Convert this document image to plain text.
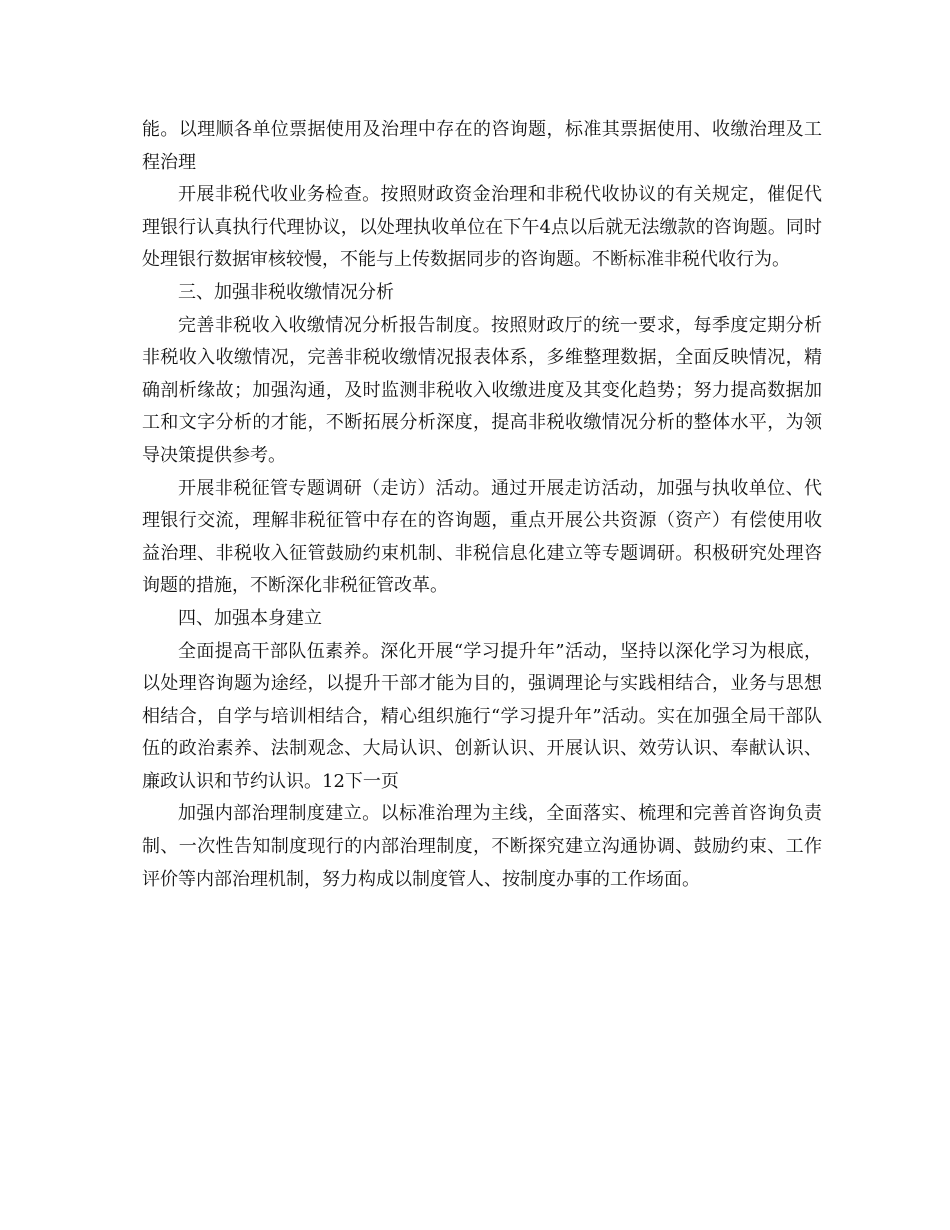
能。以理顺各单位票据使用及治理中存在的咨询题，标准其票据使用、收缴治理及工程治理

开展非税代收业务检查。按照财政资金治理和非税代收协议的有关规定，催促代理银行认真执行代理协议，以处理执收单位在下午4点以后就无法缴款的咨询题。同时处理银行数据审核较慢，不能与上传数据同步的咨询题。不断标准非税代收行为。

三、加强非税收缴情况分析

完善非税收入收缴情况分析报告制度。按照财政厅的统一要求，每季度定期分析非税收入收缴情况，完善非税收缴情况报表体系，多维整理数据，全面反映情况，精确剖析缘故；加强沟通，及时监测非税收入收缴进度及其变化趋势；努力提高数据加工和文字分析的才能，不断拓展分析深度，提高非税收缴情况分析的整体水平，为领导决策提供参考。

开展非税征管专题调研（走访）活动。通过开展走访活动，加强与执收单位、代理银行交流，理解非税征管中存在的咨询题，重点开展公共资源（资产）有偿使用收益治理、非税收入征管鼓励约束机制、非税信息化建立等专题调研。积极研究处理咨询题的措施，不断深化非税征管改革。

四、加强本身建立

全面提高干部队伍素养。深化开展“学习提升年”活动，坚持以深化学习为根底，以处理咨询题为途经，以提升干部才能为目的，强调理论与实践相结合，业务与思想相结合，自学与培训相结合，精心组织施行“学习提升年”活动。实在加强全局干部队伍的政治素养、法制观念、大局认识、创新认识、开展认识、效劳认识、奉献认识、廉政认识和节约认识。12下一页

加强内部治理制度建立。以标准治理为主线，全面落实、梳理和完善首咨询负责制、一次性告知制度现行的内部治理制度，不断探究建立沟通协调、鼓励约束、工作评价等内部治理机制，努力构成以制度管人、按制度办事的工作场面。
